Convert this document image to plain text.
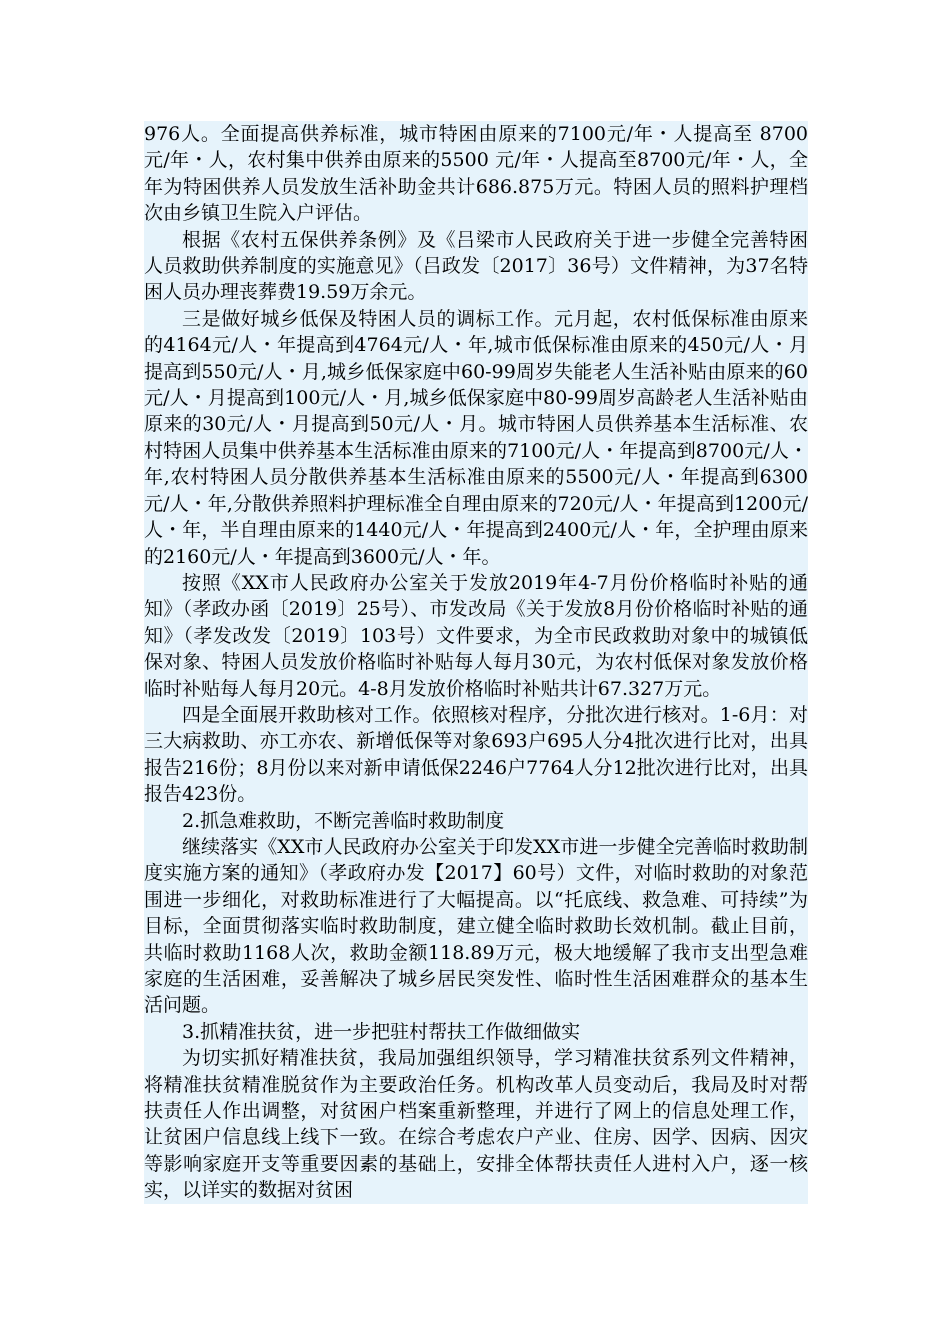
976人。全面提高供养标准，城市特困由原来的7100元/年・人提高至 8700元/年・人，农村集中供养由原来的5500 元/年・人提高至8700元/年・人，全年为特困供养人员发放生活补助金共计686.875万元。特困人员的照料护理档次由乡镇卫生院入户评估。

根据《农村五保供养条例》及《吕梁市人民政府关于进一步健全完善特困人员救助供养制度的实施意见》（吕政发〔2017〕36号）文件精神，为37名特困人员办理丧葬费19.59万余元。

三是做好城乡低保及特困人员的调标工作。元月起，农村低保标准由原来的4164元/人・年提高到4764元/人・年,城市低保标准由原来的450元/人・月提高到550元/人・月,城乡低保家庭中60-99周岁失能老人生活补贴由原来的60元/人・月提高到100元/人・月,城乡低保家庭中80-99周岁高龄老人生活补贴由原来的30元/人・月提高到50元/人・月。城市特困人员供养基本生活标准、农村特困人员集中供养基本生活标准由原来的7100元/人・年提高到8700元/人・年,农村特困人员分散供养基本生活标准由原来的5500元/人・年提高到6300元/人・年,分散供养照料护理标准全自理由原来的720元/人・年提高到1200元/人・年，半自理由原来的1440元/人・年提高到2400元/人・年，全护理由原来的2160元/人・年提高到3600元/人・年。

按照《XX市人民政府办公室关于发放2019年4-7月份价格临时补贴的通知》（孝政办函〔2019〕25号）、市发改局《关于发放8月份价格临时补贴的通知》（孝发改发〔2019〕103号）文件要求，为全市民政救助对象中的城镇低保对象、特困人员发放价格临时补贴每人每月30元，为农村低保对象发放价格临时补贴每人每月20元。4-8月发放价格临时补贴共计67.327万元。

四是全面展开救助核对工作。依照核对程序，分批次进行核对。1-6月：对三大病救助、亦工亦农、新增低保等对象693户695人分4批次进行比对，出具报告216份；8月份以来对新申请低保2246户7764人分12批次进行比对，出具报告423份。

2.抓急难救助，不断完善临时救助制度

继续落实《XX市人民政府办公室关于印发XX市进一步健全完善临时救助制度实施方案的通知》（孝政府办发【2017】60号）文件，对临时救助的对象范围进一步细化，对救助标准进行了大幅提高。以“托底线、救急难、可持续”为目标，全面贯彻落实临时救助制度，建立健全临时救助长效机制。截止目前，共临时救助1168人次，救助金额118.89万元，极大地缓解了我市支出型急难家庭的生活困难，妥善解决了城乡居民突发性、临时性生活困难群众的基本生活问题。

3.抓精准扶贫，进一步把驻村帮扶工作做细做实

为切实抓好精准扶贫，我局加强组织领导，学习精准扶贫系列文件精神，将精准扶贫精准脱贫作为主要政治任务。机构改革人员变动后，我局及时对帮扶责任人作出调整，对贫困户档案重新整理，并进行了网上的信息处理工作，让贫困户信息线上线下一致。在综合考虑农户产业、住房、因学、因病、因灾等影响家庭开支等重要因素的基础上，安排全体帮扶责任人进村入户，逐一核实，以详实的数据对贫困
